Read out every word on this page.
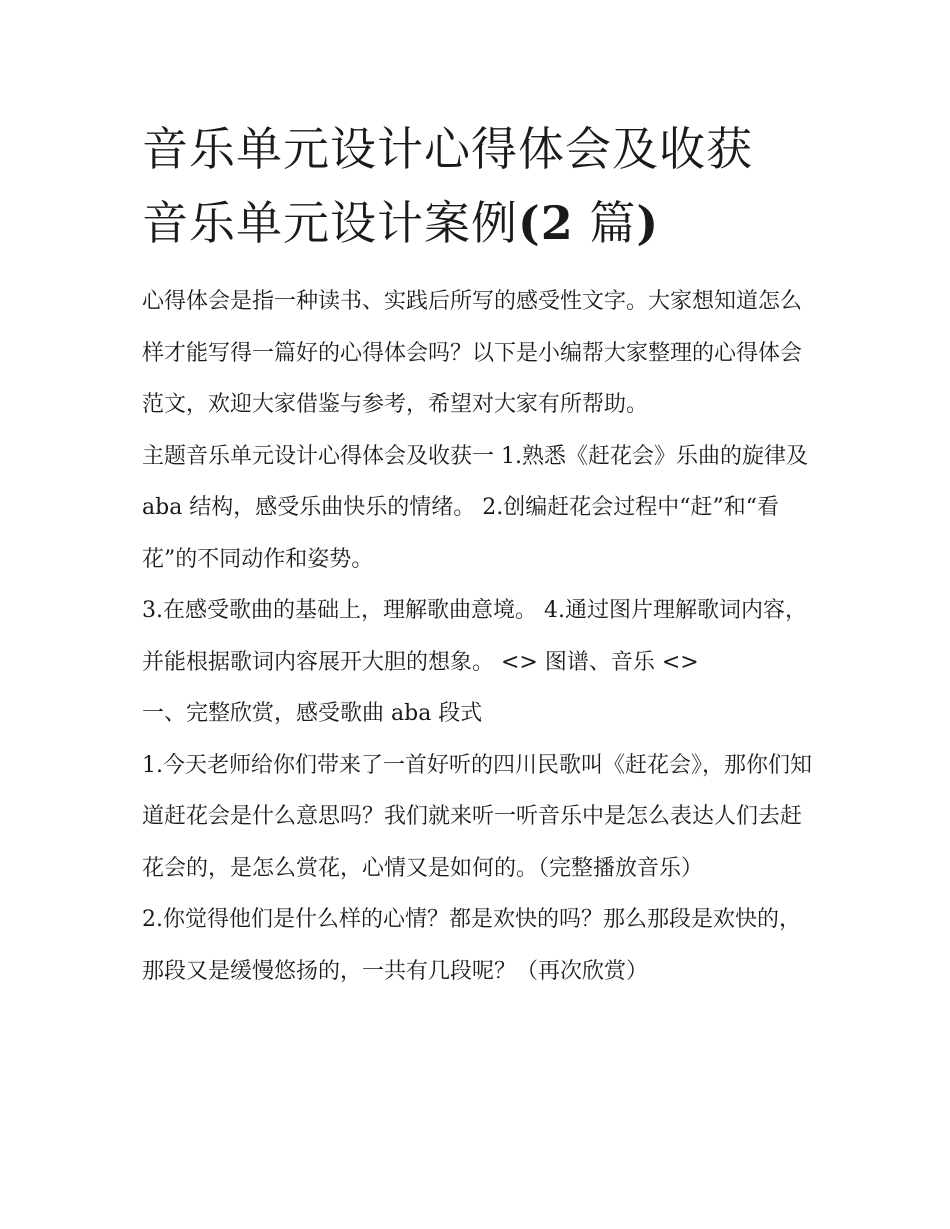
音乐单元设计心得体会及收获
音乐单元设计案例(2 篇)

心得体会是指一种读书、实践后所写的感受性文字。大家想知道怎么样才能写得一篇好的心得体会吗？以下是小编帮大家整理的心得体会范文，欢迎大家借鉴与参考，希望对大家有所帮助。

主题音乐单元设计心得体会及收获一 1.熟悉《赶花会》乐曲的旋律及 aba 结构，感受乐曲快乐的情绪。 2.创编赶花会过程中“赶”和“看花”的不同动作和姿势。

3.在感受歌曲的基础上，理解歌曲意境。 4.通过图片理解歌词内容，并能根据歌词内容展开大胆的想象。 <> 图谱、音乐 <>

一、完整欣赏，感受歌曲 aba 段式

1.今天老师给你们带来了一首好听的四川民歌叫《赶花会》，那你们知道赶花会是什么意思吗？我们就来听一听音乐中是怎么表达人们去赶花会的，是怎么赏花，心情又是如何的。（完整播放音乐）

2.你觉得他们是什么样的心情？都是欢快的吗？那么那段是欢快的，那段又是缓慢悠扬的，一共有几段呢？（再次欣赏）
